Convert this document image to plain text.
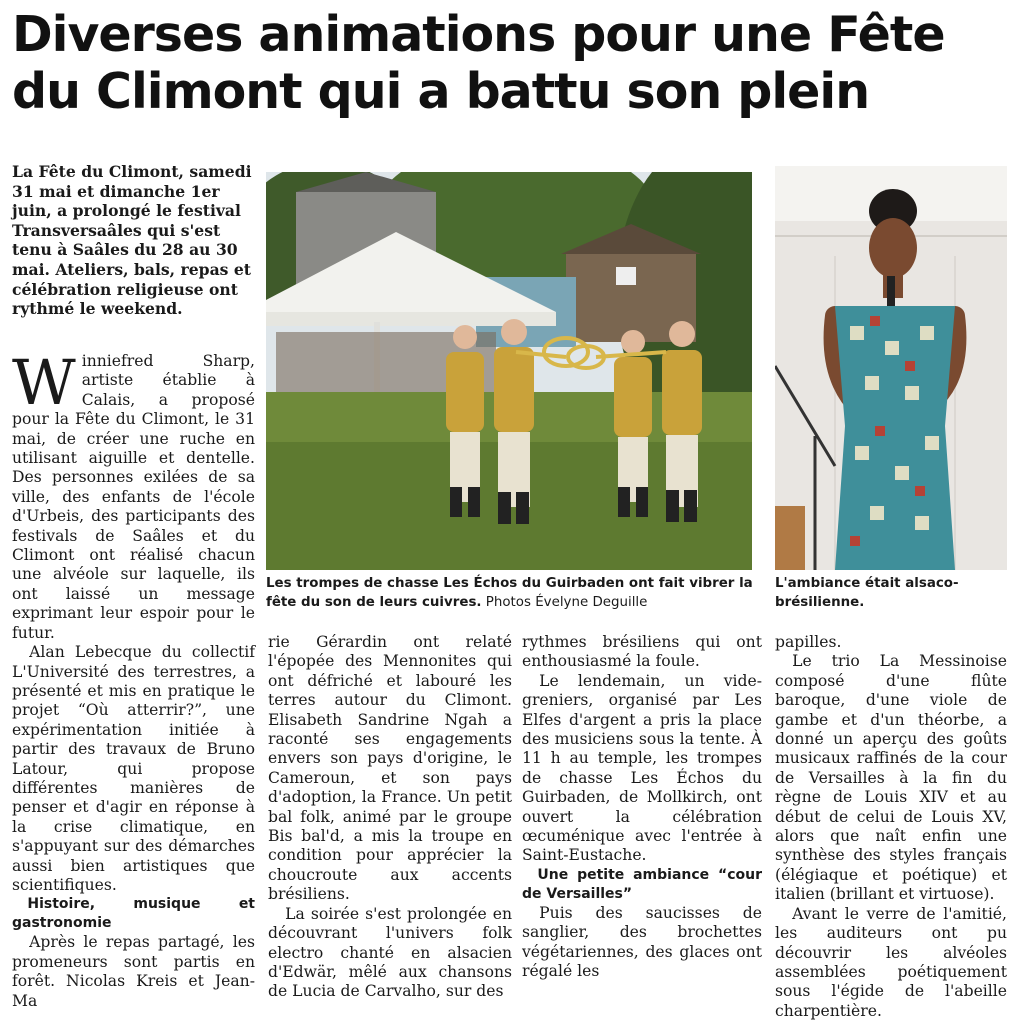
Diverses animations pour une Fête du Climont qui a battu son plein

La Fête du Climont, samedi 31 mai et dimanche 1er juin, a prolongé le festival Transversaâles qui s'est tenu à Saâles du 28 au 30 mai. Ateliers, bals, repas et célébration religieuse ont rythmé le weekend.

Winniefred Sharp, artiste établie à Calais, a proposé pour la Fête du Climont, le 31 mai, de créer une ruche en utilisant aiguille et dentelle. Des personnes exilées de sa ville, des enfants de l'école d'Urbeis, des participants des festivals de Saâles et du Climont ont réalisé chacun une alvéole sur laquelle, ils ont laissé un message exprimant leur espoir pour le futur.

Alan Lebecque du collectif L'Université des terrestres, a présenté et mis en pratique le projet “Où atterrir?”, une expérimentation initiée à partir des travaux de Bruno Latour, qui propose différentes manières de penser et d'agir en réponse à la crise climatique, en s'appuyant sur des démarches aussi bien artistiques que scientifiques.

Histoire, musique et gastronomie

Après le repas partagé, les promeneurs sont partis en forêt. Nicolas Kreis et Jean-Ma

rie Gérardin ont relaté l'épopée des Mennonites qui ont défriché et labouré les terres autour du Climont. Elisabeth Sandrine Ngah a raconté ses engagements envers son pays d'origine, le Cameroun, et son pays d'adoption, la France. Un petit bal folk, animé par le groupe Bis bal'd, a mis la troupe en condition pour apprécier la choucroute aux accents brésiliens.

La soirée s'est prolongée en découvrant l'univers folk electro chanté en alsacien d'Edwär, mêlé aux chansons de Lucia de Carvalho, sur des

rythmes brésiliens qui ont enthousiasmé la foule.

Le lendemain, un vide-greniers, organisé par Les Elfes d'argent a pris la place des musiciens sous la tente. À 11 h au temple, les trompes de chasse Les Échos du Guirbaden, de Mollkirch, ont ouvert la célébration œcuménique avec l'entrée à Saint-Eustache.

Une petite ambiance “cour de Versailles”

Puis des saucisses de sanglier, des brochettes végétariennes, des glaces ont régalé les

papilles.

Le trio La Messinoise composé d'une flûte baroque, d'une viole de gambe et d'un théorbe, a donné un aperçu des goûts musicaux raffinés de la cour de Versailles à la fin du règne de Louis XIV et au début de celui de Louis XV, alors que naît enfin une synthèse des styles français (élégiaque et poétique) et italien (brillant et virtuose).

Avant le verre de l'amitié, les auditeurs ont pu découvrir les alvéoles assemblées poétiquement sous l'égide de l'abeille charpentière.

Les trompes de chasse Les Échos du Guirbaden ont fait vibrer la fête du son de leurs cuivres. Photos Évelyne Deguille

L'ambiance était alsaco-brésilienne.
